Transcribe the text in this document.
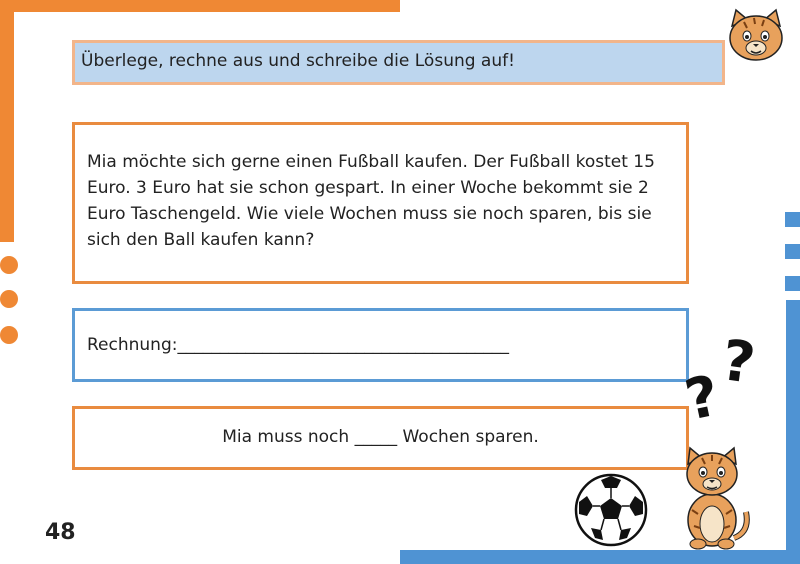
Überlege, rechne aus und schreibe die Lösung auf!
Mia möchte sich gerne einen Fußball kaufen. Der Fußball kostet 15 Euro. 3 Euro hat sie schon gespart. In einer Woche bekommt sie 2 Euro Taschengeld. Wie viele Wochen muss sie noch sparen, bis sie sich den Ball kaufen kann?
Rechnung:_______________________________________
Mia muss noch _____ Wochen sparen.
48
?
?
